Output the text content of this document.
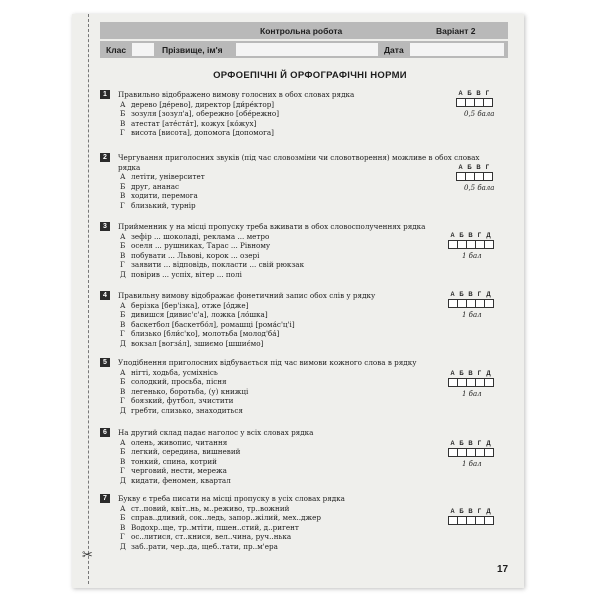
✂
Контрольна робота	Варіант 2
Клас	Прізвище, ім'я	Дата
ОРФОЕПІЧНІ Й ОРФОГРАФІЧНІ НОРМИ
1	Правильно відображено вимову голосних в обох словах рядка
А дерево [де́рево], директор [ди́ре́ктор]
Б зозуля [зозул'а], обережно [обе́режно]
В атестат [ате́ста́т], кожух [ко́жух]
Г висота [висота], допомога [допомога]
А Б В Г
0,5 бала
2	Чергування приголосних звуків (під час словозміни чи словотворення) можливе в обох словах рядка
А летіти, університет
Б друг, ананас
В ходити, перемога
Г близький, турнір
А Б В Г
0,5 бала
3	Прийменник у на місці пропуску треба вживати в обох словосполученнях рядка
А зефір ... шоколаді, реклама ... метро
Б оселя ... рушниках, Тарас ... Рівному
В побувати ... Львові, корок ... озері
Г заявити ... відповідь, покласти ... свій рюкзак
Д повірив ... успіх, вітер ... полі
А Б В Г Д
1 бал
4	Правильну вимову відображає фонетичний запис обох слів у рядку
А берізка [бер'ізка], отже [о́дже]
Б дивишся [дивиc'c'а], ложка [ло́шка]
В баскетбол [баскетбо́л], ромашці [рома́с'ц'і]
Г близько [бли́с'ко], молотьба [молод'ба́]
Д вокзал [вогза́л], зшиємо [шшиє́мо]
А Б В Г Д
1 бал
5	Уподібнення приголосних відбувається під час вимови кожного слова в рядку
А нігті, ходьба, усміхнісь
Б солодкий, просьба, пісня
В легенько, боротьба, (у) книжці
Г боязкий, футбол, зчистити
Д гребти, слизько, знаходиться
А Б В Г Д
1 бал
6	На другий склад падає наголос у всіх словах рядка
А олень, живопис, читання
Б легкий, середина, вишневий
В тонкий, спина, котрий
Г черговий, нести, мережа
Д кидати, феномен, квартал
А Б В Г Д
1 бал
7	Букву є треба писати на місці пропуску в усіх словах рядка
А ст..повий, квіт..нь, м..реживо, тр..вожний
Б справ..дливий, сок..ледь, запор..жілий, мех..джер
В Водохр..ще, тр..мтіти, пшен..стий, д..ригент
Г ос..литися, ст..книся, вел..чина, руч..нька
Д заб..рати, чер..да, щеб..тати, пр..м'ера
А Б В Г Д
17
